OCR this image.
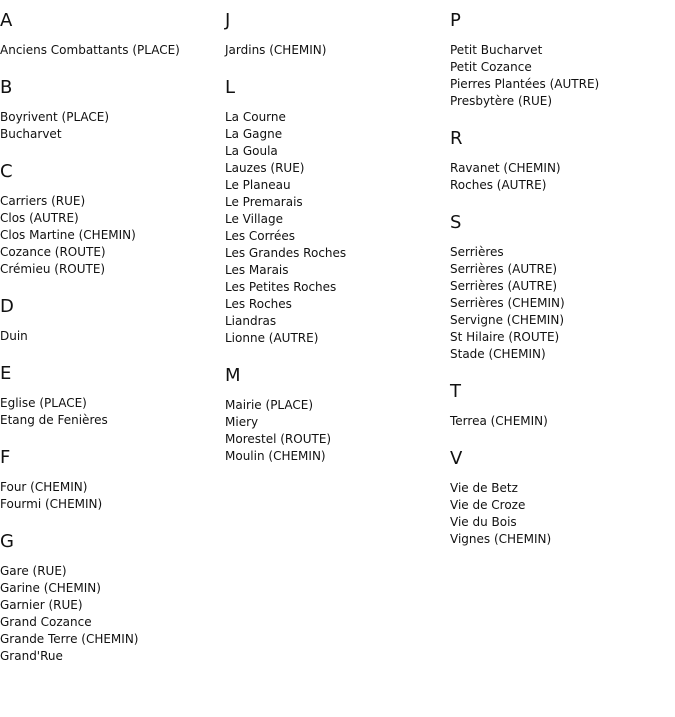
A
Anciens Combattants (PLACE)
B
Boyrivent (PLACE)
Bucharvet
C
Carriers (RUE)
Clos (AUTRE)
Clos Martine (CHEMIN)
Cozance (ROUTE)
Crémieu (ROUTE)
D
Duin
E
Eglise (PLACE)
Etang de Fenières
F
Four (CHEMIN)
Fourmi (CHEMIN)
G
Gare (RUE)
Garine (CHEMIN)
Garnier (RUE)
Grand Cozance
Grande Terre (CHEMIN)
Grand'Rue
J
Jardins (CHEMIN)
L
La Courne
La Gagne
La Goula
Lauzes (RUE)
Le Planeau
Le Premarais
Le Village
Les Corrées
Les Grandes Roches
Les Marais
Les Petites Roches
Les Roches
Liandras
Lionne (AUTRE)
M
Mairie (PLACE)
Miery
Morestel (ROUTE)
Moulin (CHEMIN)
P
Petit Bucharvet
Petit Cozance
Pierres Plantées (AUTRE)
Presbytère (RUE)
R
Ravanet (CHEMIN)
Roches (AUTRE)
S
Serrières
Serrières (AUTRE)
Serrières (AUTRE)
Serrières (CHEMIN)
Servigne (CHEMIN)
St Hilaire (ROUTE)
Stade (CHEMIN)
T
Terrea (CHEMIN)
V
Vie de Betz
Vie de Croze
Vie du Bois
Vignes (CHEMIN)
